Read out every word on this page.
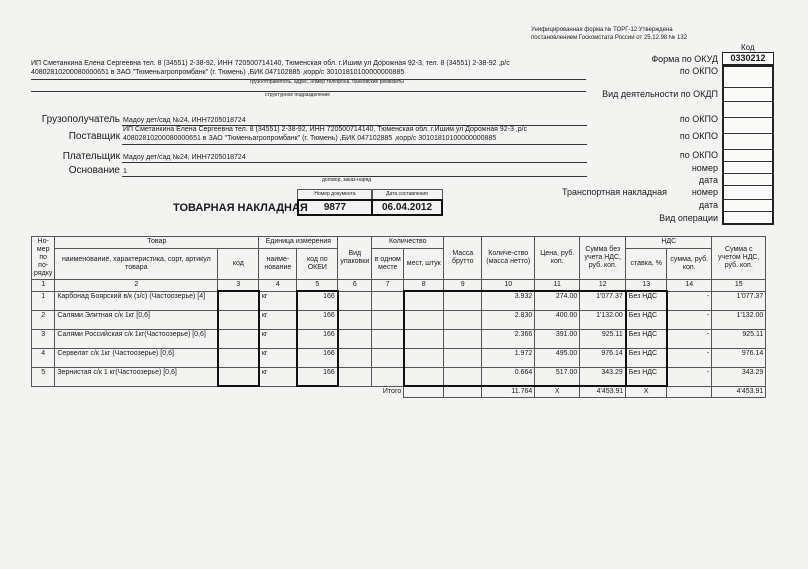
Унифицированная форма № ТОРГ-12 Утверждена
постановлением Госкомстата России от 25.12.98 № 132
Код
Форма по ОКУД	0330212
по ОКПО
Вид деятельности по ОКДП
по ОКПО
по ОКПО
по ОКПО
номер
дата
Транспортная накладная	номер
дата
Вид операции
ИП Сметанкина Елена Сергеевна тел. 8 (34551) 2-38-92, ИНН 720500714140, Тюменская обл. г.Ишим ул Дорожная 92-3, тел. 8 (34551) 2-38-92 ,р/с
40802810200080000651 в ЗАО "Тюменьагропромбанк" (г. Тюмень) ,БИК 047102885 ,корр/с 30101810100000000885
грузоотправитель, адрес, номер телефона, банковские реквизиты
структурное подразделение
Грузополучатель Мадоу дет/сад №24, ИНН7205018724
Поставщик
ИП Сметанкина Елена Сергеевна тел. 8 (34551) 2-38-92, ИНН 720500714140, Тюменская обл. г.Ишим ул Дорожная 92-3 ,р/с
40802810200080000651 в ЗАО "Тюменьагропромбанк" (г. Тюмень) ,БИК 047102885 ,корр/с 30101810100000000885
Плательщик Мадоу дет/сад №24, ИНН7205018724
Основание 1
договор, заказ-наряд
Номер документа	Дата составления
ТОВАРНАЯ НАКЛАДНАЯ	9877	06.04.2012
Но-мер по по-рядку	Товар		Единица измерения		Вид упаковки	Количество		Масса брутто	Количе-ство (масса нетто)	Цена, руб. коп.	Сумма без учета НДС, руб. коп.	НДС		Сумма с учетом НДС, руб. коп.
	наименование, характеристика, сорт, артикул товара	код	наиме-нование	код по ОКЕИ		в одном месте	мест, штук					ставка, %	сумма, руб. коп.	
1	2	3	4	5	6	7	8	9	10	11	12	13	14	15
1	Карбонад Боярский в/к (з/с) (Частоозерье) [4]		кг	166					3.932	274.00	1'077.37	Без НДС	-	1'077.37
2	Салями Элитная с/к 1кг [0,6]		кг	166					2.830	400.00	1'132.00	Без НДС	-	1'132.00
3	Салями Российская с/к 1кг(Частоозерье) [0,6]		кг	166					2.366	391.00	925.11	Без НДС	-	925.11
4	Сервелат с/к 1кг (Частоозерье) [0,6]		кг	166					1.972	495.00	976.14	Без НДС	-	976.14
5	Зернистая с/к 1 кг(Частоозерье) [0,6]		кг	166					0.664	517.00	343.29	Без НДС	-	343.29
Итого									11.764	X	4'453.91	X		4'453.91
